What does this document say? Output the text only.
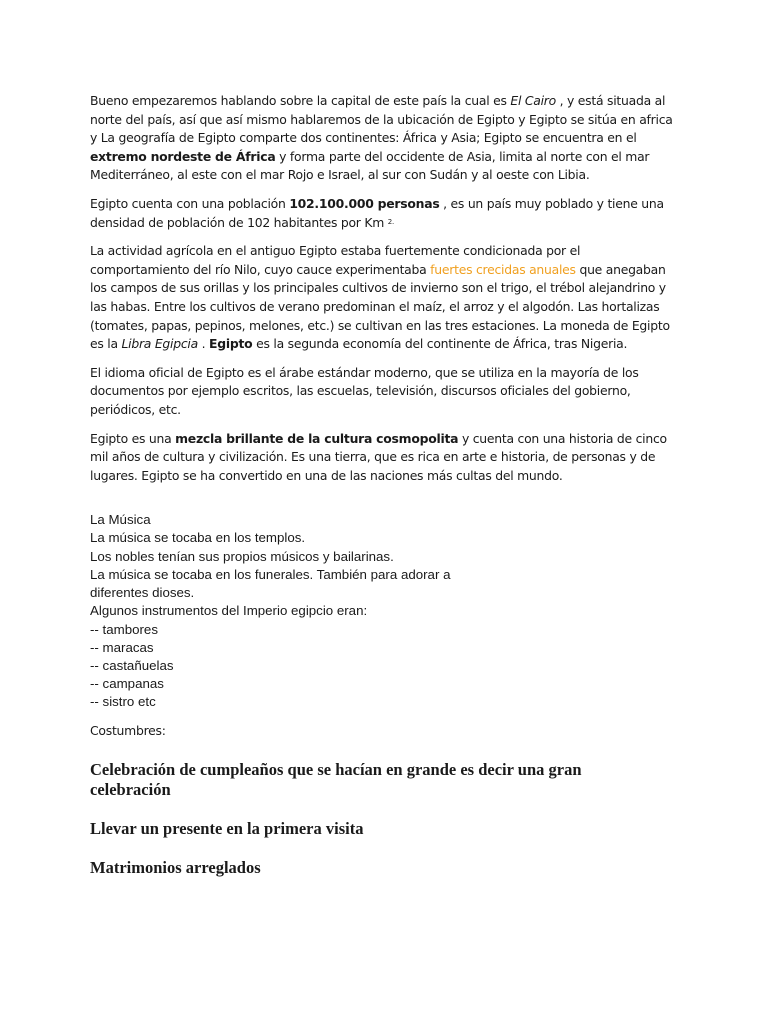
Bueno empezaremos hablando sobre la capital de este país la cual es El Cairo , y está situada al norte del país, así que así mismo hablaremos de la ubicación de Egipto y Egipto se sitúa en africa y La geografía de Egipto comparte dos continentes: África y Asia; Egipto se encuentra en el extremo nordeste de África y forma parte del occidente de Asia, limita al norte con el mar Mediterráneo, al este con el mar Rojo e Israel, al sur con Sudán y al oeste con Libia.

Egipto cuenta con una población 102.100.000 personas , es un país muy poblado y tiene una densidad de población de 102 habitantes por Km $^{2.}$

La actividad agrícola en el antiguo Egipto estaba fuertemente condicionada por el comportamiento del río Nilo, cuyo cauce experimentaba fuertes crecidas anuales que anegaban los campos de sus orillas y los principales cultivos de invierno son el trigo, el trébol alejandrino y las habas. Entre los cultivos de verano predominan el maíz, el arroz y el algodón. Las hortalizas (tomates, papas, pepinos, melones, etc.) se cultivan en las tres estaciones. La moneda de Egipto es la Libra Egipcia . Egipto es la segunda economía del continente de África, tras Nigeria.

El idioma oficial de Egipto es el árabe estándar moderno, que se utiliza en la mayoría de los documentos por ejemplo escritos, las escuelas, televisión, discursos oficiales del gobierno, periódicos, etc.

Egipto es una mezcla brillante de la cultura cosmopolita y cuenta con una historia de cinco mil años de cultura y civilización. Es una tierra, que es rica en arte e historia, de personas y de lugares. Egipto se ha convertido en una de las naciones más cultas del mundo.

La Música
La música se tocaba en los templos.
Los nobles tenían sus propios músicos y bailarinas.
La música se tocaba en los funerales. También para adorar a
diferentes dioses.
Algunos instrumentos del Imperio egipcio eran:
-- tambores
-- maracas
-- castañuelas
-- campanas
-- sistro etc
Costumbres:

Celebración de cumpleaños que se hacían en grande es decir una gran celebración

Llevar un presente en la primera visita

Matrimonios arreglados
